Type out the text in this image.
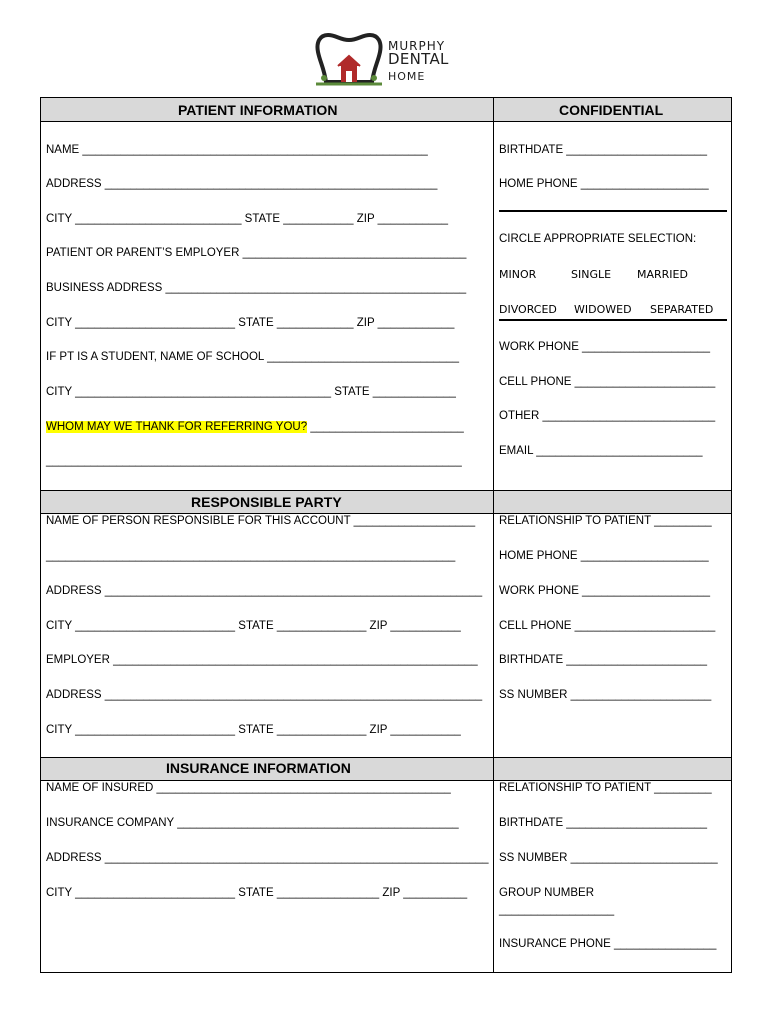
MURPHY
DENTAL
HOME
PATIENT INFORMATION	CONFIDENTIAL
RESPONSIBLE PARTY
INSURANCE INFORMATION
NAME ______________________________________________________
ADDRESS ____________________________________________________
CITY __________________________ STATE ___________ ZIP ___________
PATIENT OR PARENT’S EMPLOYER ___________________________________
BUSINESS ADDRESS _______________________________________________
CITY _________________________ STATE ____________ ZIP ____________
IF PT IS A STUDENT, NAME OF SCHOOL ______________________________
CITY ________________________________________ STATE _____________
WHOM MAY WE THANK FOR REFERRING YOU? ________________________
_________________________________________________________________
BIRTHDATE ______________________
HOME PHONE ____________________
CIRCLE APPROPRIATE SELECTION:
MINOR	SINGLE MARRIED
DIVORCED WIDOWED SEPARATED
WORK PHONE ____________________
CELL PHONE ______________________
OTHER ___________________________
EMAIL __________________________
NAME OF PERSON RESPONSIBLE FOR THIS ACCOUNT ___________________
________________________________________________________________
ADDRESS ___________________________________________________________
CITY _________________________ STATE ______________ ZIP ___________
EMPLOYER _________________________________________________________
ADDRESS ___________________________________________________________
CITY _________________________ STATE ______________ ZIP ___________
RELATIONSHIP TO PATIENT _________
HOME PHONE ____________________
WORK PHONE ____________________
CELL PHONE ______________________
BIRTHDATE ______________________
SS NUMBER ______________________
NAME OF INSURED ______________________________________________
INSURANCE COMPANY ____________________________________________
ADDRESS ____________________________________________________________
CITY _________________________ STATE ________________ ZIP __________
RELATIONSHIP TO PATIENT _________
BIRTHDATE ______________________
SS NUMBER _______________________
GROUP NUMBER
__________________
INSURANCE PHONE ________________
